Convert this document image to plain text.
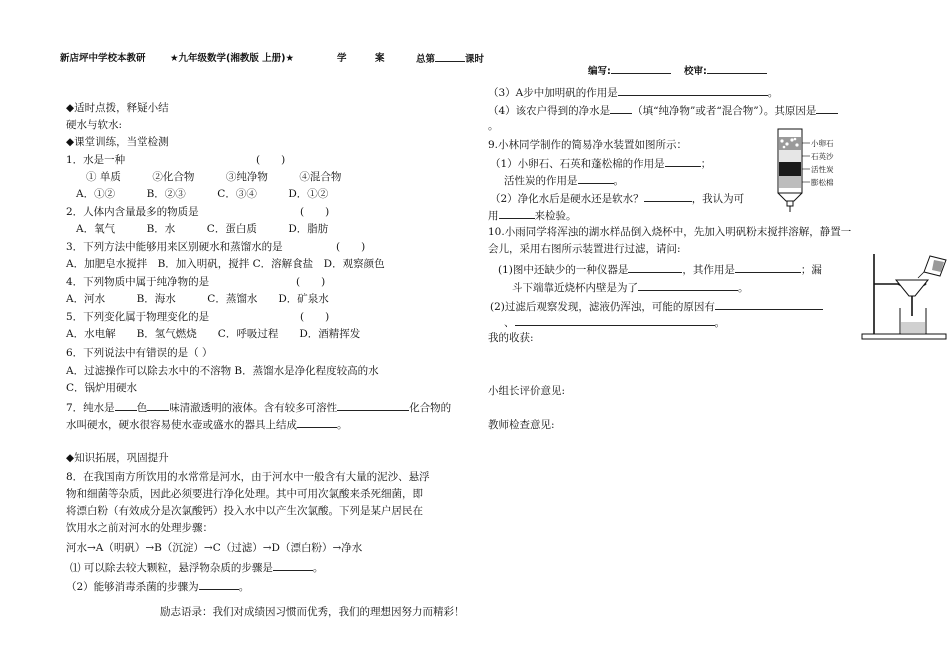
新店坪中学校本教研	★九年级数学(湘教版 上册)★	学	案	总第	课时
编写:	校审:
◆适时点拨，释疑小结
硬水与软水:
◆课堂训练，当堂检测
1．水是一种	(　　)
① 单质　　　②化合物　　　③纯净物　　　④混合物
A．①②　　　B．②③　　　C．③④　　　D．①②
2．人体内含量最多的物质是	(　　)
A．氧气　　　B．水　　　C．蛋白质　　　D．脂肪
3．下列方法中能够用来区别硬水和蒸馏水的是	(　　)
A．加肥皂水搅拌　B．加入明矾，搅拌 C．溶解食盐　D．观察颜色
4．下列物质中属于纯净物的是	(　　)
A．河水　　　B．海水　　　C．蒸馏水　　D．矿泉水
5．下列变化属于物理变化的是	(　　)
A．水电解　　B．氢气燃烧　　C．呼吸过程　　D．酒精挥发
6．下列说法中有错误的是（ ）
A．过滤操作可以除去水中的不溶物 B．蒸馏水是净化程度较高的水
C．锅炉用硬水
7．纯水是 色 味清澈透明的液体。含有较多可溶性	化合物的
水叫硬水，硬水很容易使水壶或盛水的器具上结成	。
◆知识拓展，巩固提升
8．在我国南方所饮用的水常常是河水，由于河水中一般含有大量的泥沙、悬浮
物和细菌等杂质，因此必须要进行净化处理。其中可用次氯酸来杀死细菌，即
将漂白粉（有效成分是次氯酸钙）投入水中以产生次氯酸。下列是某户居民在
饮用水之前对河水的处理步骤：
河水→A（明矾）→B（沉淀）→C（过滤）→D（漂白粉）→净水
⑴ 可以除去较大颗粒，悬浮物杂质的步骤是	。
（2）能够消毒杀菌的步骤为	。
（3）A步中加明矾的作用是	。
（4）该农户得到的净水是 （填“纯净物”或者“混合物”）。其原因是
。
9.小林同学制作的简易净水装置如图所示：
（1）小卵石、石英和蓬松棉的作用是	；
活性炭的作用是	。
（2）净化水后是硬水还是软水？	，我认为可
用	来检验。
小卵石
石英沙
活性炭
膨松棉
10.小雨同学将浑浊的湖水样品倒入烧杯中，先加入明矾粉末搅拌溶解，静置一
会儿，采用右图所示装置进行过滤，请问:
(1)图中还缺少的一种仪器是	，其作用是	；漏
斗下端靠近烧杯内壁是为了	。
(2)过滤后观察发现，滤液仍浑浊，可能的原因有
、	。
我的收获:
小组长评价意见:
教师检查意见:
励志语录：我们对成绩因习惯而优秀，我们的理想因努力而精彩！
